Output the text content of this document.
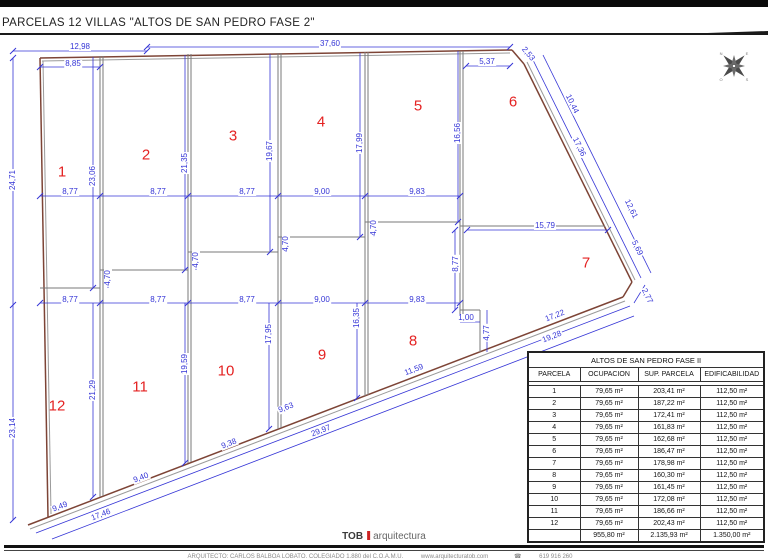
PARCELAS 12 VILLAS "ALTOS DE SAN PEDRO FASE 2"
N	E
S
O
12,98
8,85
37,60
5,37
8,77	8,77	8,77	9,00	9,83
8,77	8,77	8,77	9,00	9,83
15,79
1,00
24,71
23,14
23,06
21,35
19,67	17,99	16,56
21,29
19,59
17,95
16,35
8,77
4,70
4,70
4,70
4,70
4,77
2,53
10,44
17,36
12,61
5,69
2,77
9,49
17,46
9,40
9,38
9,63
29,97
11,59
17,22
19,28
1
2
3
4
5	6
7
8
9
10
11
12
ALTOS DE SAN PEDRO FASE II			
PARCELA	OCUPACION	SUP. PARCELA	EDIFICABILIDAD

1	79,65 m²	203,41 m²	112,50 m²
2	79,65 m²	187,22 m²	112,50 m²
3	79,65 m²	172,41 m²	112,50 m²
4	79,65 m²	161,83 m²	112,50 m²
5	79,65 m²	162,68 m²	112,50 m²
6	79,65 m²	186,47 m²	112,50 m²
7	79,65 m²	178,98 m²	112,50 m²
8	79,65 m²	160,30 m²	112,50 m²
9	79,65 m²	161,45 m²	112,50 m²
10	79,65 m²	172,08 m²	112,50 m²
11	79,65 m²	186,66 m²	112,50 m²
12	79,65 m²	202,43 m²	112,50 m²
	955,80 m²	2.135,93 m²	1.350,00 m²
TOB arquitectura
ARQUITECTO: CARLOS BALBOA LOBATO. COLEGIADO 1.880 del C.O.A.M.U.	www.arquitecturatob.com	☎	619 916 260
